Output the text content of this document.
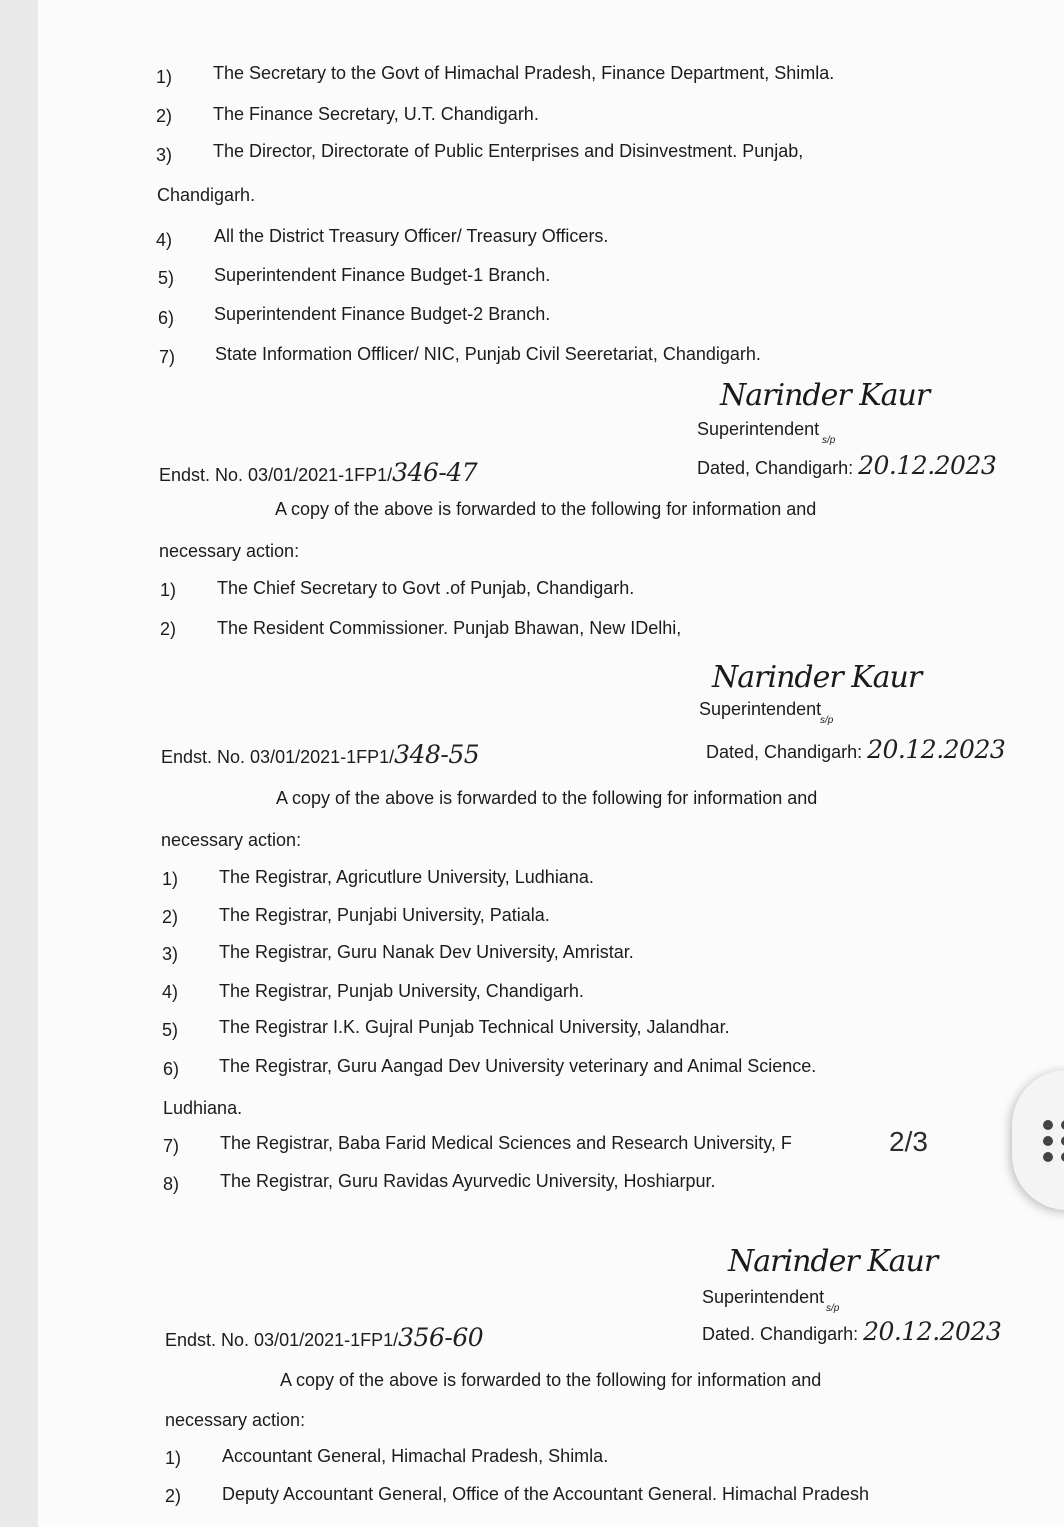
1) The Secretary to the Govt of Himachal Pradesh, Finance Department, Shimla.
2) The Finance Secretary, U.T. Chandigarh.
3) The Director, Directorate of Public Enterprises and Disinvestment. Punjab,
Chandigarh.
4) All the District Treasury Officer/ Treasury Officers.
5) Superintendent Finance Budget-1 Branch.
6) Superintendent Finance Budget-2 Branch.
7) State Information Offlicer/ NIC, Punjab Civil Seeretariat, Chandigarh.
Narinder Kaur
Superintendent
s/p
Endst. No. 03/01/2021-1FP1/346-47	Dated, Chandigarh: 20.12.2023
A copy of the above is forwarded to the following for information and
necessary action:
1) The Chief Secretary to Govt .of Punjab, Chandigarh.
2) The Resident Commissioner. Punjab Bhawan, New IDelhi,
Narinder Kaur
Superintendent
s/p
Endst. No. 03/01/2021-1FP1/348-55	Dated, Chandigarh: 20.12.2023
A copy of the above is forwarded to the following for information and
necessary action:
1) The Registrar, Agricutlure University, Ludhiana.
2) The Registrar, Punjabi University, Patiala.
3) The Registrar, Guru Nanak Dev University, Amristar.
4) The Registrar, Punjab University, Chandigarh.
5) The Registrar I.K. Gujral Punjab Technical University, Jalandhar.
6) The Registrar, Guru Aangad Dev University veterinary and Animal Science.
Ludhiana.
7) The Registrar, Baba Farid Medical Sciences and Research University, F
8) The Registrar, Guru Ravidas Ayurvedic University, Hoshiarpur.
Narinder Kaur
Superintendent
s/p
Endst. No. 03/01/2021-1FP1/356-60	Dated. Chandigarh: 20.12.2023
A copy of the above is forwarded to the following for information and
necessary action:
1) Accountant General, Himachal Pradesh, Shimla.
2) Deputy Accountant General, Office of the Accountant General. Himachal Pradesh
2/3
